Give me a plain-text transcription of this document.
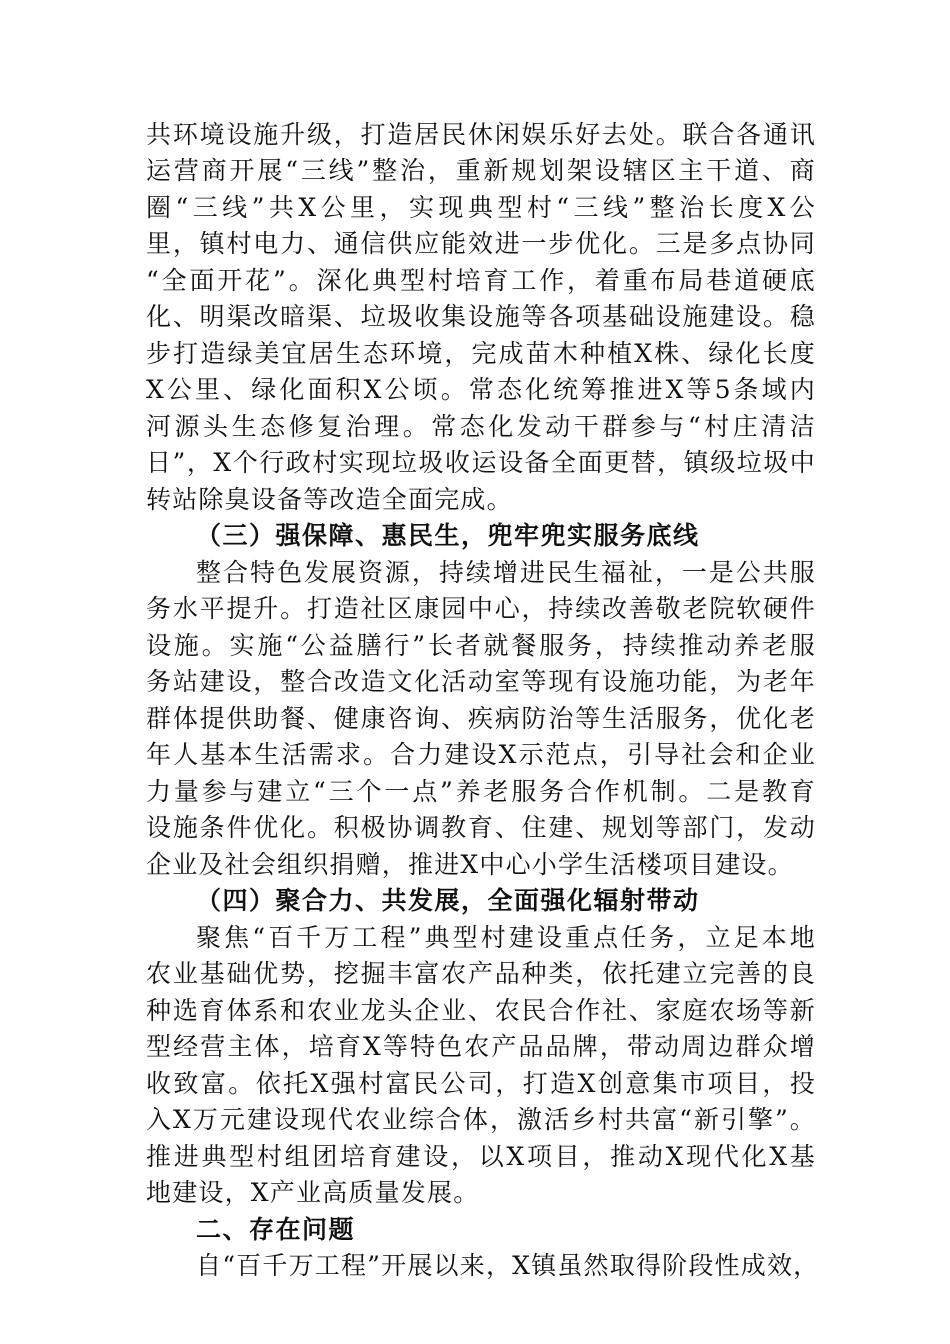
共环境设施升级，打造居民休闲娱乐好去处。联合各通讯
运营商开展“三线”整治，重新规划架设辖区主干道、商
圈“三线”共X公里，实现典型村“三线”整治长度X公
里，镇村电力、通信供应能效进一步优化。三是多点协同
“全面开花”。深化典型村培育工作，着重布局巷道硬底
化、明渠改暗渠、垃圾收集设施等各项基础设施建设。稳
步打造绿美宜居生态环境，完成苗木种植X株、绿化长度
X公里、绿化面积X公顷。常态化统筹推进X等5条域内
河源头生态修复治理。常态化发动干群参与“村庄清洁
日”，X个行政村实现垃圾收运设备全面更替，镇级垃圾中
转站除臭设备等改造全面完成。
（三）强保障、惠民生，兜牢兜实服务底线
整合特色发展资源，持续增进民生福祉，一是公共服
务水平提升。打造社区康园中心，持续改善敬老院软硬件
设施。实施“公益膳行”长者就餐服务，持续推动养老服
务站建设，整合改造文化活动室等现有设施功能，为老年
群体提供助餐、健康咨询、疾病防治等生活服务，优化老
年人基本生活需求。合力建设X示范点，引导社会和企业
力量参与建立“三个一点”养老服务合作机制。二是教育
设施条件优化。积极协调教育、住建、规划等部门，发动
企业及社会组织捐赠，推进X中心小学生活楼项目建设。
（四）聚合力、共发展，全面强化辐射带动
聚焦“百千万工程”典型村建设重点任务，立足本地
农业基础优势，挖掘丰富农产品种类，依托建立完善的良
种选育体系和农业龙头企业、农民合作社、家庭农场等新
型经营主体，培育X等特色农产品品牌，带动周边群众增
收致富。依托X强村富民公司，打造X创意集市项目，投
入X万元建设现代农业综合体，激活乡村共富“新引擎”。
推进典型村组团培育建设，以X项目，推动X现代化X基
地建设，X产业高质量发展。
二、存在问题
自“百千万工程”开展以来，X镇虽然取得阶段性成效，
